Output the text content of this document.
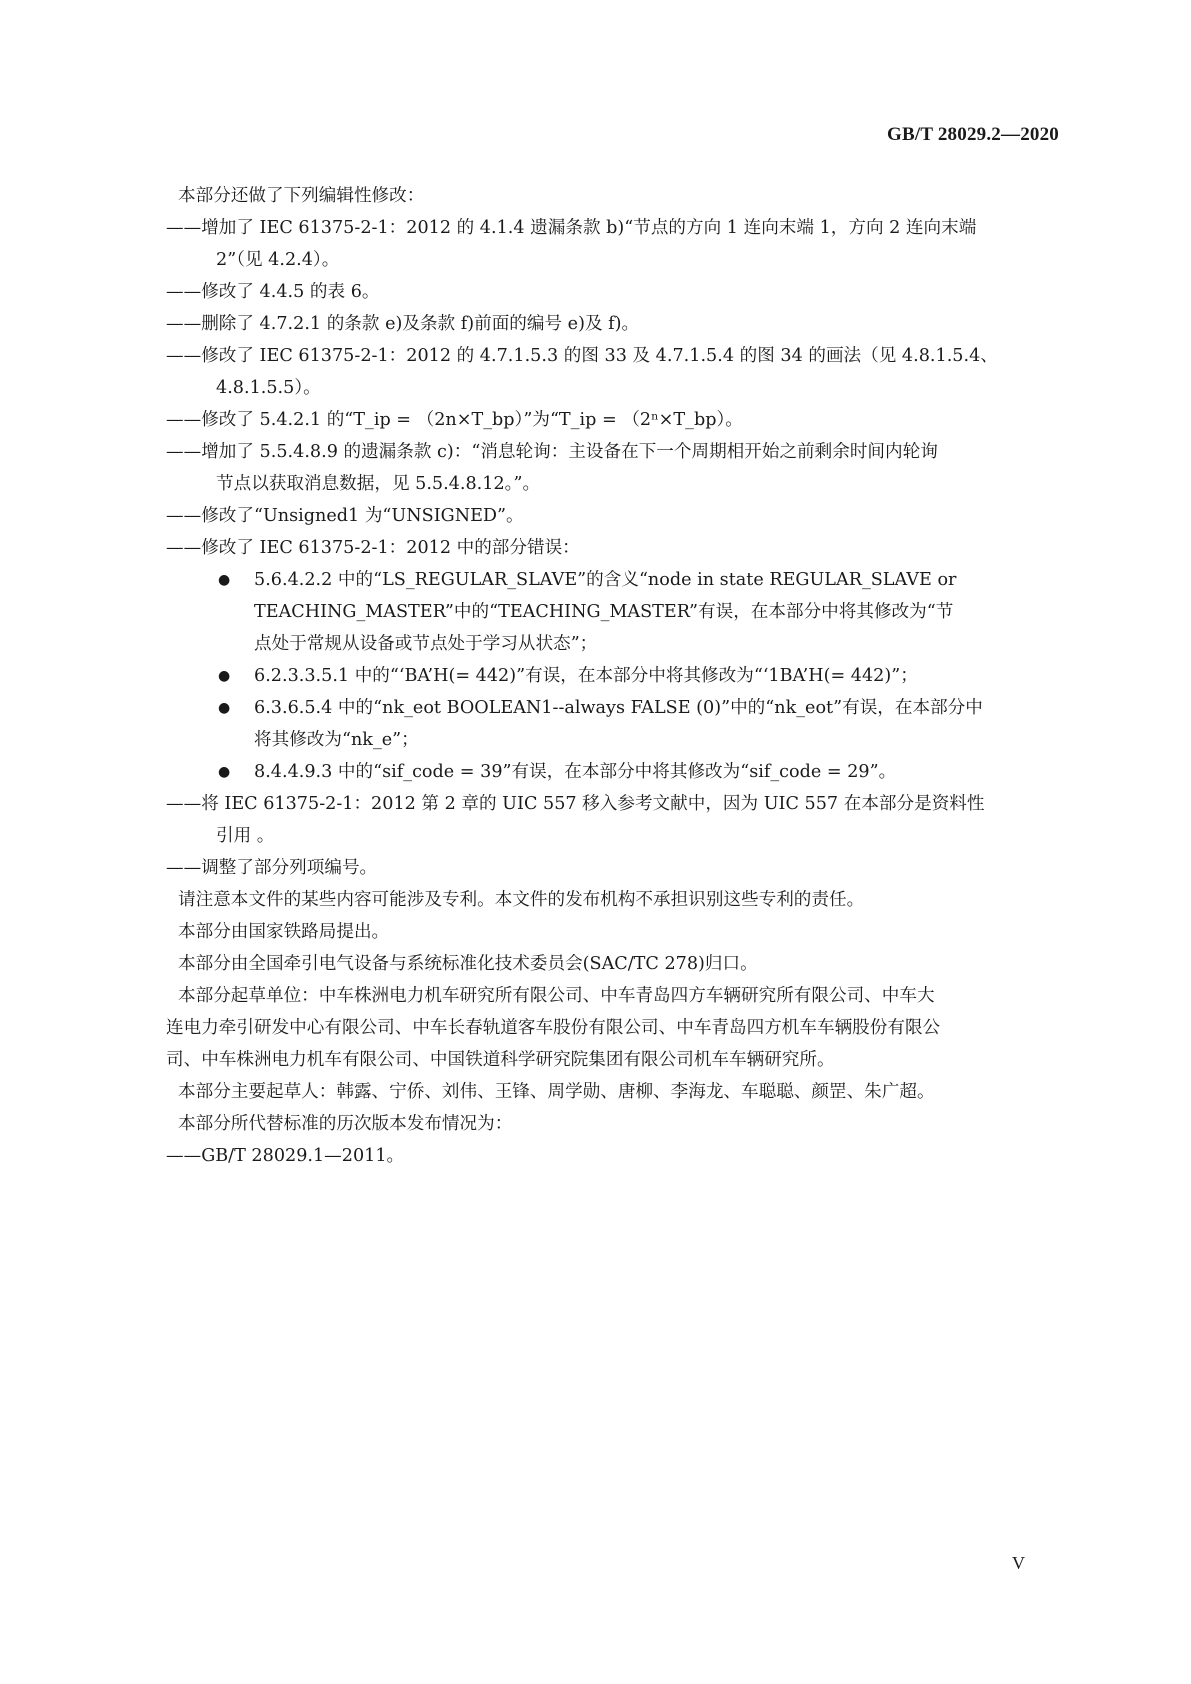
GB/T 28029.2—2020
本部分还做了下列编辑性修改：
——增加了 IEC 61375-2-1：2012 的 4.1.4 遗漏条款 b)“节点的方向 1 连向末端 1，方向 2 连向末端
2”（见 4.2.4）。
——修改了 4.4.5 的表 6。
——删除了 4.7.2.1 的条款 e)及条款 f)前面的编号 e)及 f)。
——修改了 IEC 61375-2-1：2012 的 4.7.1.5.3 的图 33 及 4.7.1.5.4 的图 34 的画法（见 4.8.1.5.4、
4.8.1.5.5）。
——修改了 5.4.2.1 的“T_ip = （2n×T_bp）”为“T_ip = （2ⁿ×T_bp）。
——增加了 5.5.4.8.9 的遗漏条款 c)：“消息轮询：主设备在下一个周期相开始之前剩余时间内轮询
节点以获取消息数据，见 5.5.4.8.12。”。
——修改了“Unsigned1 为“UNSIGNED”。
——修改了 IEC 61375-2-1：2012 中的部分错误：
●	5.6.4.2.2 中的“LS_REGULAR_SLAVE”的含义“node in state REGULAR_SLAVE or
TEACHING_MASTER”中的“TEACHING_MASTER”有误，在本部分中将其修改为“节
点处于常规从设备或节点处于学习从状态”；
●	6.2.3.3.5.1 中的“‘BA’H(= 442)”有误，在本部分中将其修改为“‘1BA’H(= 442)”；
●	6.3.6.5.4 中的“nk_eot BOOLEAN1--always FALSE (0)”中的“nk_eot”有误，在本部分中
将其修改为“nk_e”；
●	8.4.4.9.3 中的“sif_code = 39”有误，在本部分中将其修改为“sif_code = 29”。
——将 IEC 61375-2-1：2012 第 2 章的 UIC 557 移入参考文献中，因为 UIC 557 在本部分是资料性
引用 。
——调整了部分列项编号。
请注意本文件的某些内容可能涉及专利。本文件的发布机构不承担识别这些专利的责任。
本部分由国家铁路局提出。
本部分由全国牵引电气设备与系统标准化技术委员会(SAC/TC 278)归口。
本部分起草单位：中车株洲电力机车研究所有限公司、中车青岛四方车辆研究所有限公司、中车大
连电力牵引研发中心有限公司、中车长春轨道客车股份有限公司、中车青岛四方机车车辆股份有限公
司、中车株洲电力机车有限公司、中国铁道科学研究院集团有限公司机车车辆研究所。
本部分主要起草人：韩露、宁侨、刘伟、王锋、周学勋、唐柳、李海龙、车聪聪、颜罡、朱广超。
本部分所代替标准的历次版本发布情况为：
——GB/T 28029.1—2011。
V
